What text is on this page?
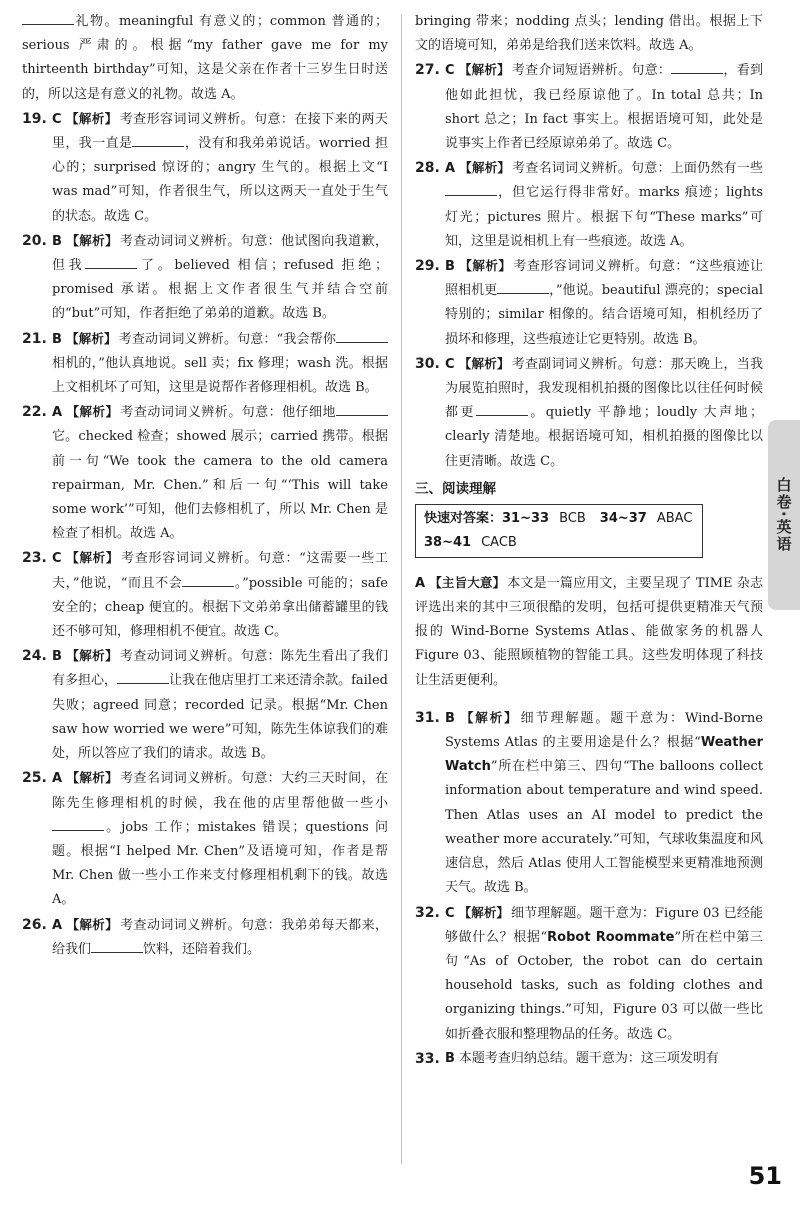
礼物。meaningful 有意义的；common 普通的；serious 严肃的。根据“my father gave me for my thirteenth birthday”可知，这是父亲在作者十三岁生日时送的，所以这是有意义的礼物。故选 A。

19. C 【解析】 考查形容词词义辨析。句意：在接下来的两天里，我一直是	，没有和我弟弟说话。worried 担心的；surprised 惊讶的；angry 生气的。根据上文“I was mad”可知，作者很生气，所以这两天一直处于生气的状态。故选 C。

20. B 【解析】 考查动词词义辨析。句意：他试图向我道歉，但我	了。believed 相信；refused 拒绝；promised 承诺。根据上文作者很生气并结合空前的“but”可知，作者拒绝了弟弟的道歉。故选 B。

21. B 【解析】 考查动词词义辨析。句意：“我会帮你相机的，”他认真地说。sell 卖；fix 修理；wash 洗。根据上文相机坏了可知，这里是说帮作者修理相机。故选 B。

22. A 【解析】 考查动词词义辨析。句意：他仔细地它。checked 检查；showed 展示；carried 携带。根据前一句“We took the camera to the old camera repairman, Mr. Chen.”和后一句“‘This will take some work’”可知，他们去修相机了，所以 Mr. Chen 是检查了相机。故选 A。

23. C 【解析】 考查形容词词义辨析。句意：“这需要一些工夫，”他说，“而且不会	。”possible 可能的；safe 安全的；cheap 便宜的。根据下文弟弟拿出储蓄罐里的钱还不够可知，修理相机不便宜。故选 C。

24. B 【解析】 考查动词词义辨析。句意：陈先生看出了我们有多担心，	让我在他店里打工来还清余款。failed 失败；agreed 同意；recorded 记录。根据“Mr. Chen saw how worried we were”可知，陈先生体谅我们的难处，所以答应了我们的请求。故选 B。

25. A 【解析】 考查名词词义辨析。句意：大约三天时间，在陈先生修理相机的时候，我在他的店里帮他做一些小。jobs 工作；mistakes 错误；questions 问题。根据“I helped Mr. Chen”及语境可知，作者是帮 Mr. Chen 做一些小工作来支付修理相机剩下的钱。故选 A。

26. A 【解析】 考查动词词义辨析。句意：我弟弟每天都来，给我们	饮料，还陪着我们。

bringing 带来；nodding 点头；lending 借出。根据上下文的语境可知，弟弟是给我们送来饮料。故选 A。

27. C 【解析】 考查介词短语辨析。句意：	，看到他如此担忧，我已经原谅他了。In total 总共；In short 总之；In fact 事实上。根据语境可知，此处是说事实上作者已经原谅弟弟了。故选 C。

28. A 【解析】 考查名词词义辨析。句意：上面仍然有一些，但它运行得非常好。marks 痕迹；lights 灯光；pictures 照片。根据下句“These marks”可知，这里是说相机上有一些痕迹。故选 A。

29. B 【解析】 考查形容词词义辨析。句意：“这些痕迹让照相机更	，”他说。beautiful 漂亮的；special 特别的；similar 相像的。结合语境可知，相机经历了损坏和修理，这些痕迹让它更特别。故选 B。

30. C 【解析】 考查副词词义辨析。句意：那天晚上，当我为展览拍照时，我发现相机拍摄的图像比以往任何时候都更	。quietly 平静地；loudly 大声地；clearly 清楚地。根据语境可知，相机拍摄的图像比以往更清晰。故选 C。

三、阅读理解
快速对答案：31~33 BCB 34~37 ABAC
38~41 CACB

A 【主旨大意】 本文是一篇应用文，主要呈现了 TIME 杂志评选出来的其中三项很酷的发明，包括可提供更精准天气预报的 Wind-Borne Systems Atlas、能做家务的机器人 Figure 03、能照顾植物的智能工具。这些发明体现了科技让生活更便利。

31. B 【解析】 细节理解题。题干意为：Wind-Borne Systems Atlas 的主要用途是什么？根据“Weather Watch”所在栏中第三、四句“The balloons collect information about temperature and wind speed. Then Atlas uses an AI model to predict the weather more accurately.”可知，气球收集温度和风速信息，然后 Atlas 使用人工智能模型来更精准地预测天气。故选 B。

32. C 【解析】 细节理解题。题干意为：Figure 03 已经能够做什么？根据“Robot Roommate”所在栏中第三句“As of October, the robot can do certain household tasks, such as folding clothes and organizing things.”可知，Figure 03 可以做一些比如折叠衣服和整理物品的任务。故选 C。

33. B 本题考查归纳总结。题干意为：这三项发明有

白卷·英语
51
